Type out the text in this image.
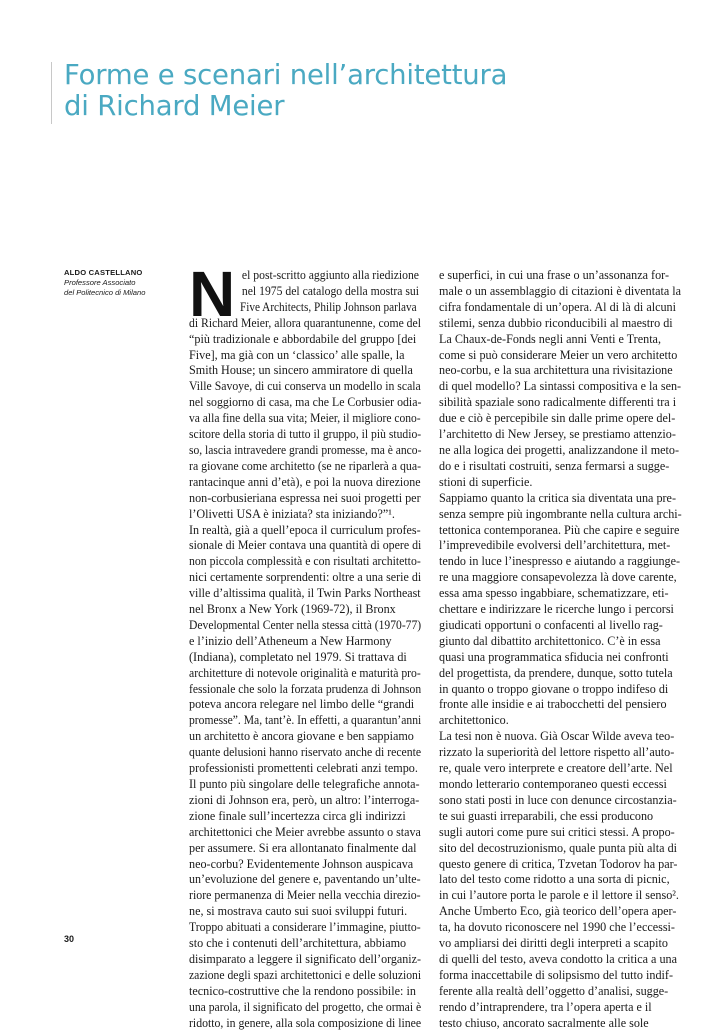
Forme e scenari nell’architettura
di Richard Meier
ALDO CASTELLANO
Professore Associato
del Politecnico di Milano N el post-scritto aggiunto alla riedizione
nel 1975 del catalogo della mostra sui
Five Architects, Philip Johnson parlava
di Richard Meier, allora quarantunenne, come del
“più tradizionale e abbordabile del gruppo [dei
Five], ma già con un ‘classico’ alle spalle, la
Smith House; un sincero ammiratore di quella
Ville Savoye, di cui conserva un modello in scala
nel soggiorno di casa, ma che Le Corbusier odia-
va alla fine della sua vita; Meier, il migliore cono-
scitore della storia di tutto il gruppo, il più studio-
so, lascia intravedere grandi promesse, ma è anco-
ra giovane come architetto (se ne riparlerà a qua-
rantacinque anni d’età), e poi la nuova direzione
non-corbusieriana espressa nei suoi progetti per
l’Olivetti USA è iniziata? sta iniziando?”¹.
In realtà, già a quell’epoca il curriculum profes-
sionale di Meier contava una quantità di opere di
non piccola complessità e con risultati architetto-
nici certamente sorprendenti: oltre a una serie di
ville d’altissima qualità, il Twin Parks Northeast
nel Bronx a New York (1969-72), il Bronx
Developmental Center nella stessa città (1970-77)
e l’inizio dell’Atheneum a New Harmony
(Indiana), completato nel 1979. Si trattava di
architetture di notevole originalità e maturità pro-
fessionale che solo la forzata prudenza di Johnson
poteva ancora relegare nel limbo delle “grandi
promesse”. Ma, tant’è. In effetti, a quarantun’anni
un architetto è ancora giovane e ben sappiamo
quante delusioni hanno riservato anche di recente
professionisti promettenti celebrati anzi tempo.
Il punto più singolare delle telegrafiche annota-
zioni di Johnson era, però, un altro: l’interroga-
zione finale sull’incertezza circa gli indirizzi
architettonici che Meier avrebbe assunto o stava
per assumere. Si era allontanato finalmente dal
neo-corbu? Evidentemente Johnson auspicava
un’evoluzione del genere e, paventando un’ulte-
riore permanenza di Meier nella vecchia direzio-
ne, si mostrava cauto sui suoi sviluppi futuri.
Troppo abituati a considerare l’immagine, piutto-
sto che i contenuti dell’architettura, abbiamo
disimparato a leggere il significato dell’organiz-
zazione degli spazi architettonici e delle soluzioni
tecnico-costruttive che la rendono possibile: in
una parola, il significato del progetto, che ormai è
ridotto, in genere, alla sola composizione di linee
e superfici, in cui una frase o un’assonanza for-
male o un assemblaggio di citazioni è diventata la
cifra fondamentale di un’opera. Al di là di alcuni
stilemi, senza dubbio riconducibili al maestro di
La Chaux-de-Fonds negli anni Venti e Trenta,
come si può considerare Meier un vero architetto
neo-corbu, e la sua architettura una rivisitazione
di quel modello? La sintassi compositiva e la sen-
sibilità spaziale sono radicalmente differenti tra i
due e ciò è percepibile sin dalle prime opere del-
l’architetto di New Jersey, se prestiamo attenzio-
ne alla logica dei progetti, analizzandone il meto-
do e i risultati costruiti, senza fermarsi a sugge-
stioni di superficie.
Sappiamo quanto la critica sia diventata una pre-
senza sempre più ingombrante nella cultura archi-
tettonica contemporanea. Più che capire e seguire
l’imprevedibile evolversi dell’architettura, met-
tendo in luce l’inespresso e aiutando a raggiunge-
re una maggiore consapevolezza là dove carente,
essa ama spesso ingabbiare, schematizzare, eti-
chettare e indirizzare le ricerche lungo i percorsi
giudicati opportuni o confacenti al livello rag-
giunto dal dibattito architettonico. C’è in essa
quasi una programmatica sfiducia nei confronti
del progettista, da prendere, dunque, sotto tutela
in quanto o troppo giovane o troppo indifeso di
fronte alle insidie e ai trabocchetti del pensiero
architettonico.
La tesi non è nuova. Già Oscar Wilde aveva teo-
rizzato la superiorità del lettore rispetto all’auto-
re, quale vero interprete e creatore dell’arte. Nel
mondo letterario contemporaneo questi eccessi
sono stati posti in luce con denunce circostanzia-
te sui guasti irreparabili, che essi producono
sugli autori come pure sui critici stessi. A propo-
sito del decostruzionismo, quale punta più alta di
questo genere di critica, Tzvetan Todorov ha par-
lato del testo come ridotto a una sorta di picnic,
in cui l’autore porta le parole e il lettore il senso².
Anche Umberto Eco, già teorico dell’opera aper-
ta, ha dovuto riconoscere nel 1990 che l’eccessi-
vo ampliarsi dei diritti degli interpreti a scapito
di quelli del testo, aveva condotto la critica a una
forma inaccettabile di solipsismo del tutto indif-
ferente alla realtà dell’oggetto d’analisi, sugge-
rendo d’intraprendere, tra l’opera aperta e il
testo chiuso, ancorato sacralmente alle sole
30
